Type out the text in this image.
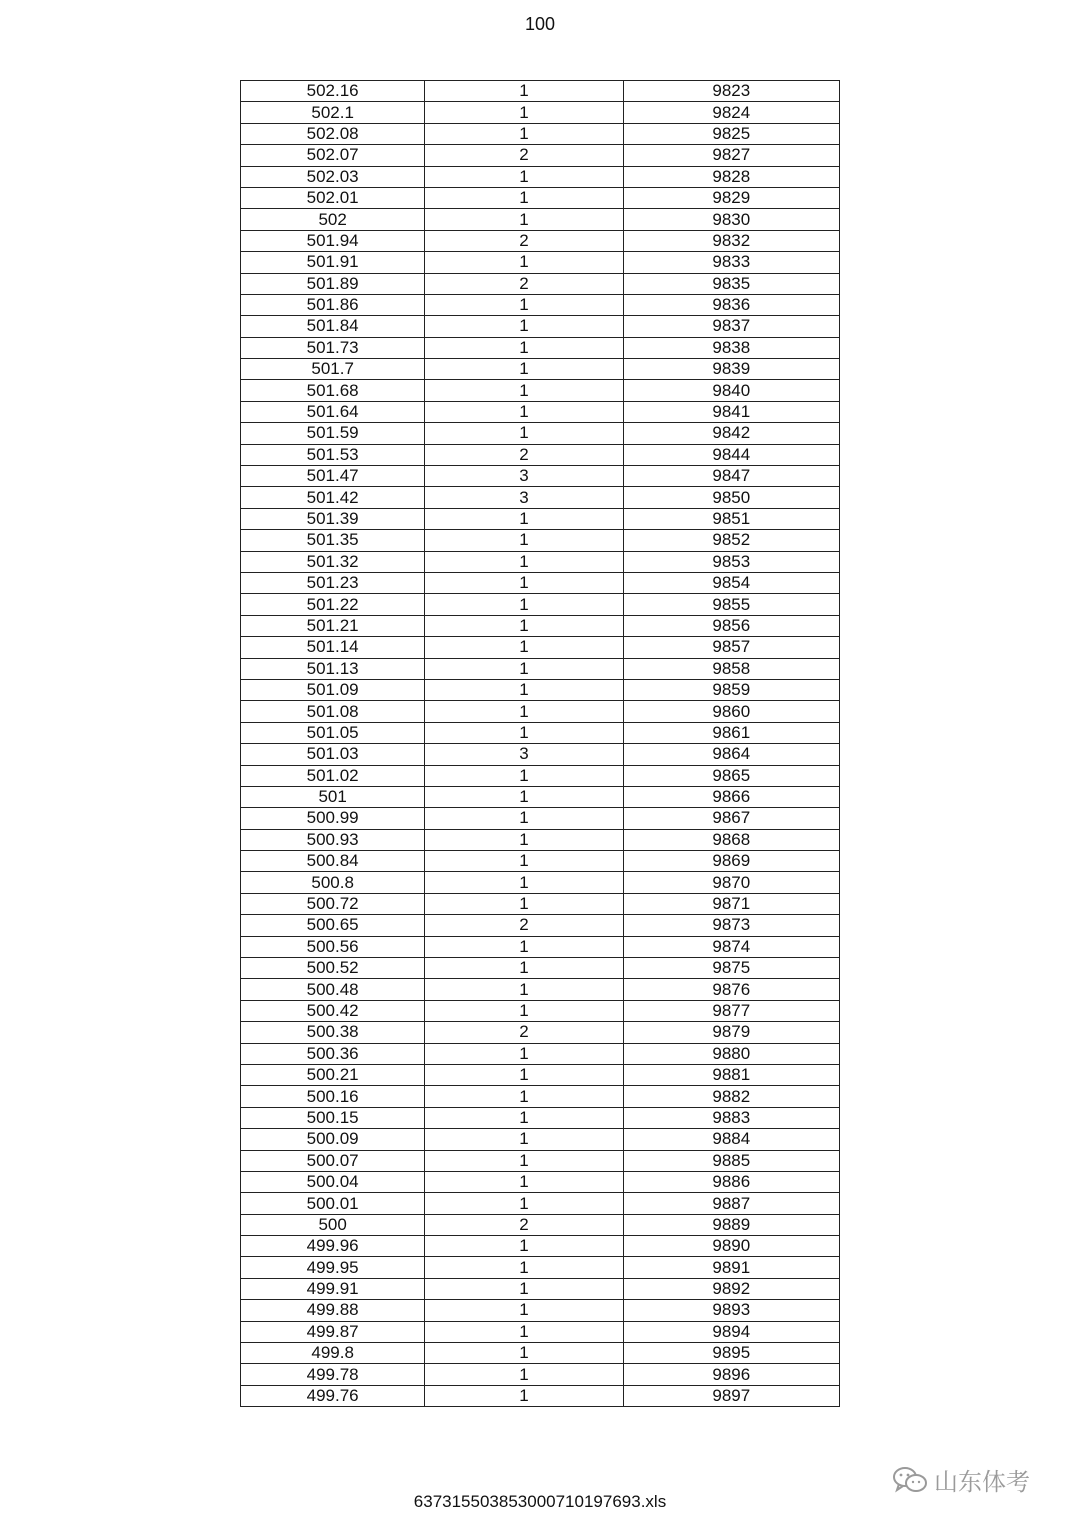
100
502.16	1	9823
502.1	1	9824
502.08	1	9825
502.07	2	9827
502.03	1	9828
502.01	1	9829
502	1	9830
501.94	2	9832
501.91	1	9833
501.89	2	9835
501.86	1	9836
501.84	1	9837
501.73	1	9838
501.7	1	9839
501.68	1	9840
501.64	1	9841
501.59	1	9842
501.53	2	9844
501.47	3	9847
501.42	3	9850
501.39	1	9851
501.35	1	9852
501.32	1	9853
501.23	1	9854
501.22	1	9855
501.21	1	9856
501.14	1	9857
501.13	1	9858
501.09	1	9859
501.08	1	9860
501.05	1	9861
501.03	3	9864
501.02	1	9865
501	1	9866
500.99	1	9867
500.93	1	9868
500.84	1	9869
500.8	1	9870
500.72	1	9871
500.65	2	9873
500.56	1	9874
500.52	1	9875
500.48	1	9876
500.42	1	9877
500.38	2	9879
500.36	1	9880
500.21	1	9881
500.16	1	9882
500.15	1	9883
500.09	1	9884
500.07	1	9885
500.04	1	9886
500.01	1	9887
500	2	9889
499.96	1	9890
499.95	1	9891
499.91	1	9892
499.88	1	9893
499.87	1	9894
499.8	1	9895
499.78	1	9896
499.76	1	9897
山东体考
637315503853000710197693.xls
